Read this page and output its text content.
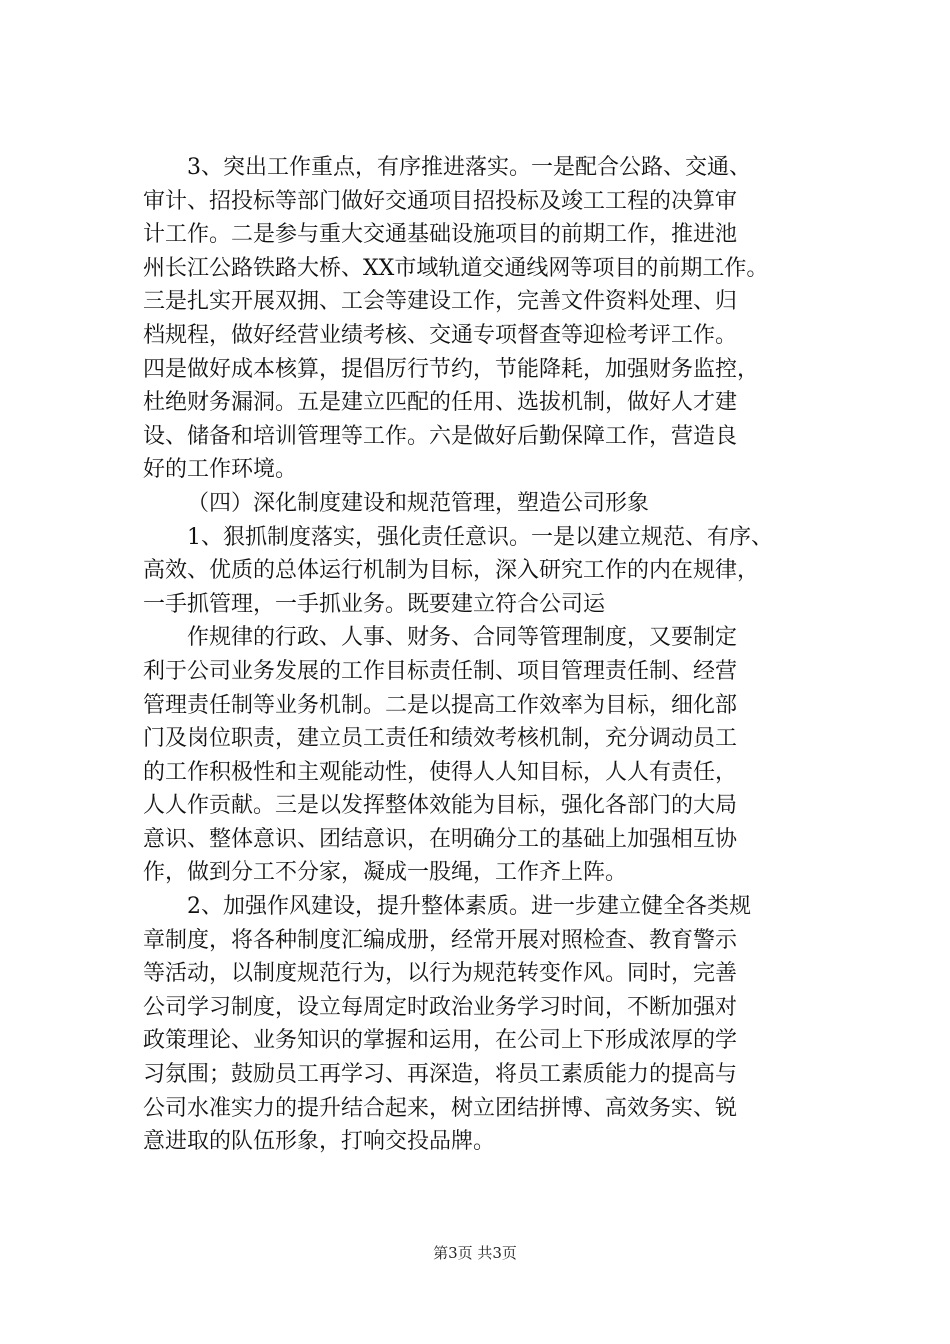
3、突出工作重点，有序推进落实。一是配合公路、交通、
审计、招投标等部门做好交通项目招投标及竣工工程的决算审
计工作。二是参与重大交通基础设施项目的前期工作，推进池
州长江公路铁路大桥、XX市域轨道交通线网等项目的前期工作。
三是扎实开展双拥、工会等建设工作，完善文件资料处理、归
档规程，做好经营业绩考核、交通专项督查等迎检考评工作。
四是做好成本核算，提倡厉行节约，节能降耗，加强财务监控，
杜绝财务漏洞。五是建立匹配的任用、选拔机制，做好人才建
设、储备和培训管理等工作。六是做好后勤保障工作，营造良
好的工作环境。
（四）深化制度建设和规范管理，塑造公司形象
1、狠抓制度落实，强化责任意识。一是以建立规范、有序、
高效、优质的总体运行机制为目标，深入研究工作的内在规律，
一手抓管理，一手抓业务。既要建立符合公司运
作规律的行政、人事、财务、合同等管理制度，又要制定
利于公司业务发展的工作目标责任制、项目管理责任制、经营
管理责任制等业务机制。二是以提高工作效率为目标，细化部
门及岗位职责，建立员工责任和绩效考核机制，充分调动员工
的工作积极性和主观能动性，使得人人知目标，人人有责任，
人人作贡献。三是以发挥整体效能为目标，强化各部门的大局
意识、整体意识、团结意识，在明确分工的基础上加强相互协
作，做到分工不分家，凝成一股绳，工作齐上阵。
2、加强作风建设，提升整体素质。进一步建立健全各类规
章制度，将各种制度汇编成册，经常开展对照检查、教育警示
等活动，以制度规范行为，以行为规范转变作风。同时，完善
公司学习制度，设立每周定时政治业务学习时间，不断加强对
政策理论、业务知识的掌握和运用，在公司上下形成浓厚的学
习氛围；鼓励员工再学习、再深造，将员工素质能力的提高与
公司水准实力的提升结合起来，树立团结拼博、高效务实、锐
意进取的队伍形象，打响交投品牌。
第3页 共3页
